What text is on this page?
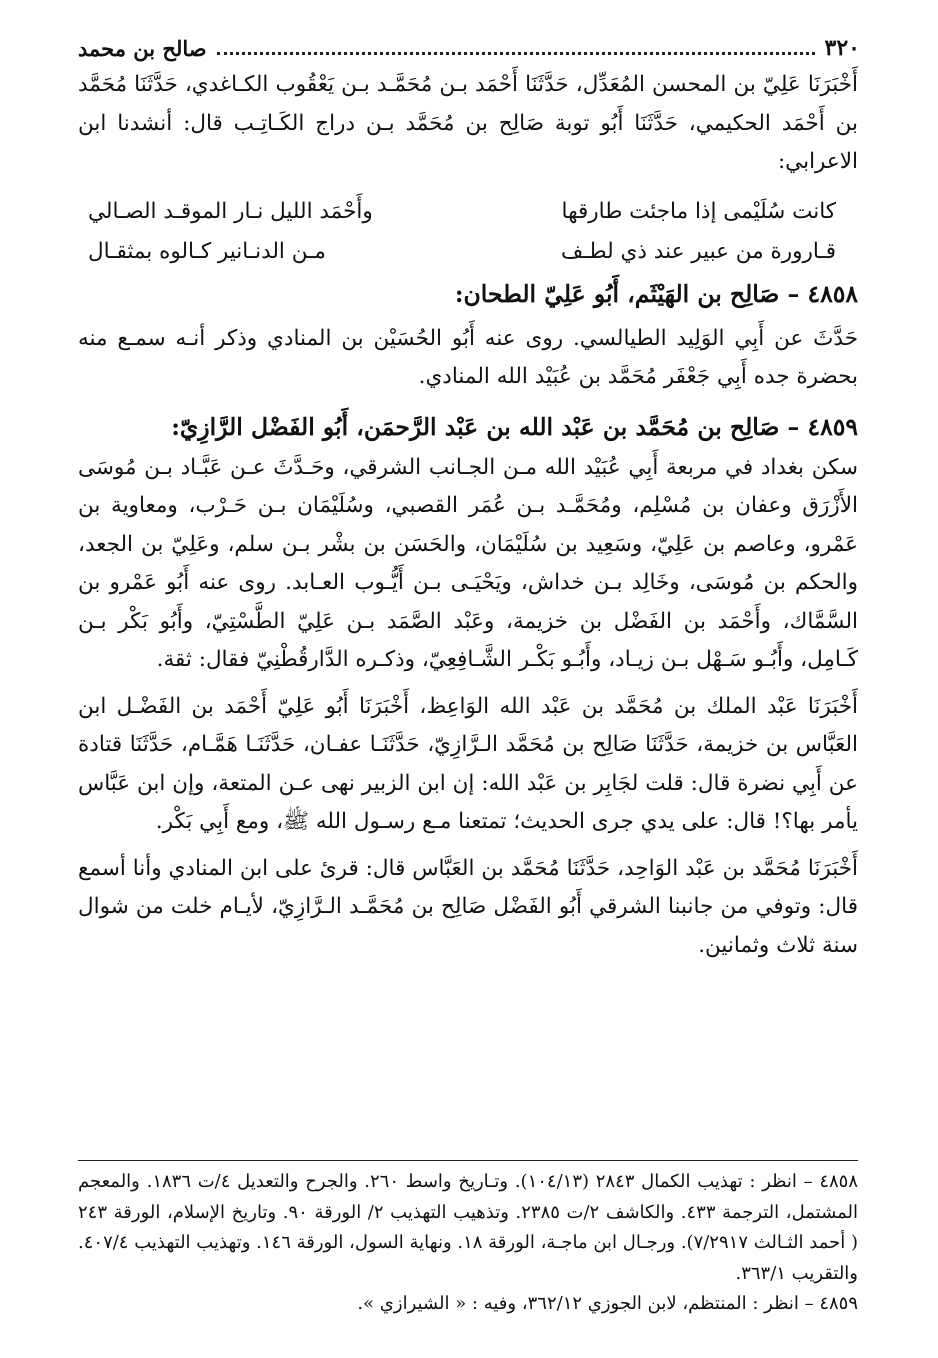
٣٢٠
صالح بن محمد

أَخْبَرَنَا عَلِيّ بن المحسن المُعَدِّل، حَدَّثَنَا أَحْمَد بـن مُحَمَّـد بـن يَعْقُوب الكـاغدي، حَدَّثَنَا مُحَمَّد بن أَحْمَد الحكيمي، حَدَّثَنَا أَبُو توبة صَالِح بن مُحَمَّد بـن دراج الكَـاتِـب قال: أنشدنا ابن الاعرابي:

كانت سُلَيْمى إذا ماجئت طارقها
وأَحْمَد الليل نـار الموقـد الصـالي
قـارورة من عبير عند ذي لطـف
مـن الدنـانير كـالوه بمثقـال

٤٨٥٨ – صَالِح بن الهَيْثَم، أَبُو عَلِيّ الطحان:

حَدَّثَ عن أَبِي الوَلِيد الطيالسي. روى عنه أَبُو الحُسَيْن بن المنادي وذكر أنـه سمـع منه بحضرة جده أَبِي جَعْفَر مُحَمَّد بن عُبَيْد الله المنادي.

٤٨٥٩ – صَالِح بن مُحَمَّد بن عَبْد الله بن عَبْد الرَّحمَن، أَبُو الفَضْل الرَّازِيّ:

سكن بغداد في مربعة أَبِي عُبَيْد الله مـن الجـانب الشرقي، وحَـدَّثَ عـن عَبَّـاد بـن مُوسَى الأَزْرَق وعفان بن مُسْلِم، ومُحَمَّـد بـن عُمَر القصبي، وسُلَيْمَان بـن حَـرْب، ومعاوية بن عَمْرو، وعاصم بن عَلِيّ، وسَعِيد بن سُلَيْمَان، والحَسَن بن بشْر بـن سلم، وعَلِيّ بن الجعد، والحكم بن مُوسَى، وخَالِد بـن خداش، ويَحْيَـى بـن أَيُّـوب العـابد. روى عنه أَبُو عَمْرو بن السَّمَّاك، وأَحْمَد بن الفَضْل بن خزيمة، وعَبْد الصَّمَد بـن عَلِيّ الطَّسْتِيّ، وأَبُو بَكْر بـن كَـامِل، وأَبُـو سَـهْل بـن زيـاد، وأَبُـو بَكْـر الشَّـافِعِيّ، وذكـره الدَّارقُطْنِيّ فقال: ثقة.

أَخْبَرَنَا عَبْد الملك بن مُحَمَّد بن عَبْد الله الوَاعِظ، أَخْبَرَنَا أَبُو عَلِيّ أَحْمَد بن الفَضْـل ابن العَبَّاس بن خزيمة، حَدَّثَنَا صَالِح بن مُحَمَّد الـرَّازِيّ، حَدَّثَنَـا عفـان، حَدَّثَنَـا هَمَّـام، حَدَّثَنَا قتادة عن أَبِي نضرة قال: قلت لجَابِر بن عَبْد الله: إن ابن الزبير نهى عـن المتعة، وإن ابن عَبَّاس يأمر بها؟! قال: على يدي جرى الحديث؛ تمتعنا مـع رسـول الله ﷺ، ومع أَبِي بَكْر.

أَخْبَرَنَا مُحَمَّد بن عَبْد الوَاحِد، حَدَّثَنَا مُحَمَّد بن العَبَّاس قال: قرئ على ابن المنادي وأنا أسمع قال: وتوفي من جانبنا الشرقي أَبُو الفَضْل صَالِح بن مُحَمَّـد الـرَّازِيّ، لأيـام خلت من شوال سنة ثلاث وثمانين.

٤٨٥٨ – انظر : تهذيب الكمال ٢٨٤٣ (١٠٤/١٣). وتـاريخ واسط ٢٦٠. والجرح والتعديل ٤/ت ١٨٣٦. والمعجم المشتمل، الترجمة ٤٣٣. والكاشف ٢/ت ٢٣٨٥. وتذهيب التهذيب ٢/ الورقة ٩٠. وتاريخ الإسلام، الورقة ٢٤٣ ( أحمد الثـالث ٧/٢٩١٧). ورجـال ابن ماجـة، الورقة ١٨. ونهاية السول، الورقة ١٤٦. وتهذيب التهذيب ٤٠٧/٤. والتقريب ٣٦٣/١.

٤٨٥٩ – انظر : المنتظم، لابن الجوزي ٣٦٢/١٢، وفيه : « الشيرازي ».
